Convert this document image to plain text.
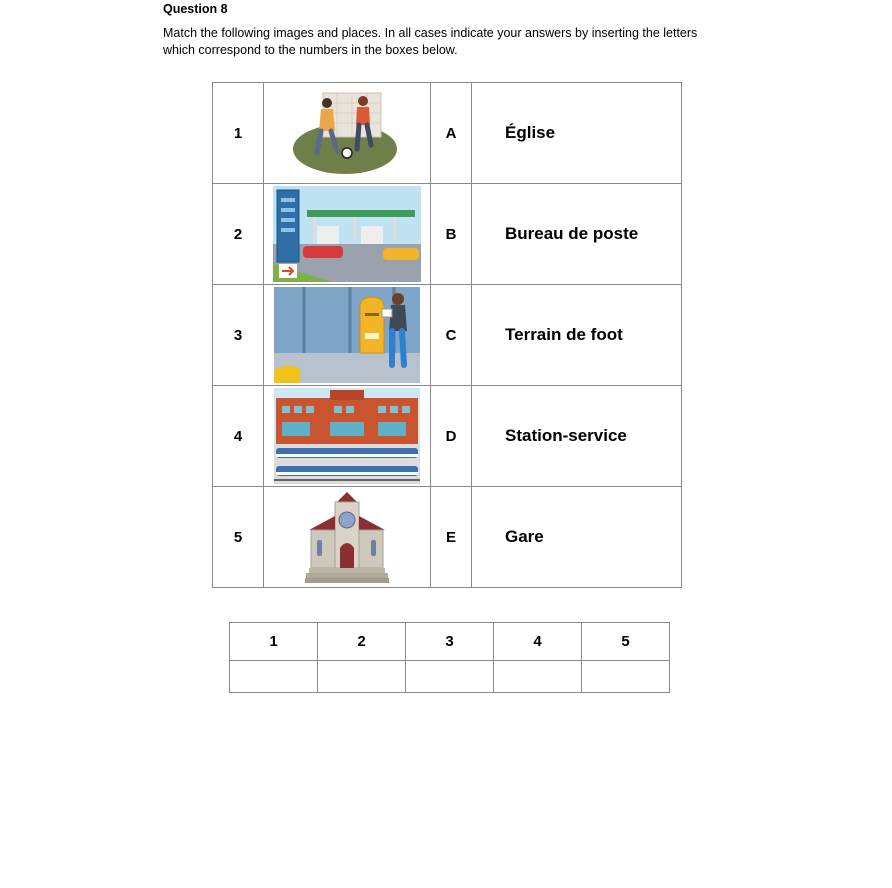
Question 8
Match the following images and places. In all cases indicate your answers by inserting the letters
which correspond to the numbers in the boxes below.
1		A	Église
2		B	Bureau de poste
3		C	Terrain de foot
4		D	Station-service
5		E	Gare
1	2	3	4	5
